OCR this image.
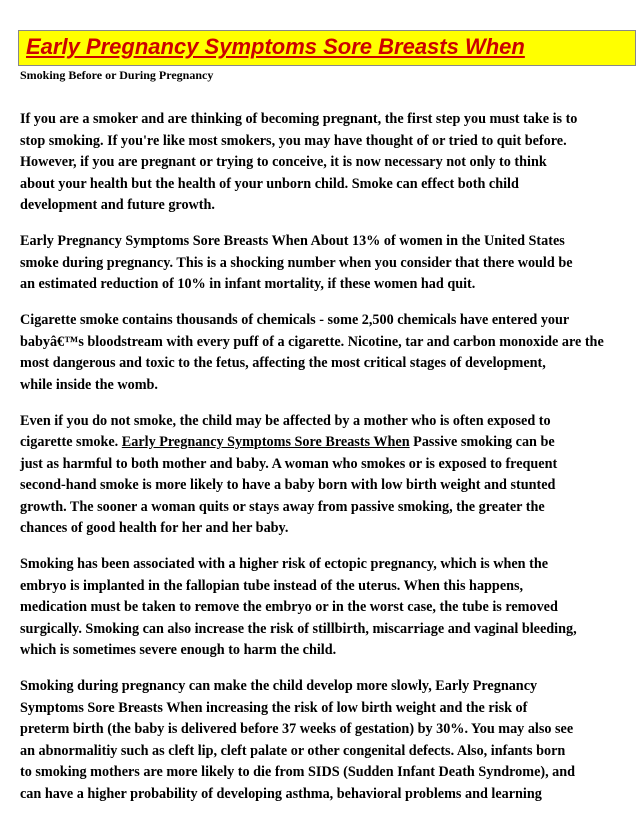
Early Pregnancy Symptoms Sore Breasts When
Smoking Before or During Pregnancy

If you are a smoker and are thinking of becoming pregnant, the first step you must take is to
stop smoking. If you're like most smokers, you may have thought of or tried to quit before.
However, if you are pregnant or trying to conceive, it is now necessary not only to think
about your health but the health of your unborn child. Smoke can effect both child
development and future growth.

Early Pregnancy Symptoms Sore Breasts When About 13% of women in the United States
smoke during pregnancy. This is a shocking number when you consider that there would be
an estimated reduction of 10% in infant mortality, if these women had quit.

Cigarette smoke contains thousands of chemicals - some 2,500 chemicals have entered your
babyâ€™s bloodstream with every puff of a cigarette. Nicotine, tar and carbon monoxide are the
most dangerous and toxic to the fetus, affecting the most critical stages of development,
while inside the womb.

Even if you do not smoke, the child may be affected by a mother who is often exposed to
cigarette smoke. Early Pregnancy Symptoms Sore Breasts When Passive smoking can be
just as harmful to both mother and baby. A woman who smokes or is exposed to frequent
second-hand smoke is more likely to have a baby born with low birth weight and stunted
growth. The sooner a woman quits or stays away from passive smoking, the greater the
chances of good health for her and her baby.

Smoking has been associated with a higher risk of ectopic pregnancy, which is when the
embryo is implanted in the fallopian tube instead of the uterus. When this happens,
medication must be taken to remove the embryo or in the worst case, the tube is removed
surgically. Smoking can also increase the risk of stillbirth, miscarriage and vaginal bleeding,
which is sometimes severe enough to harm the child.

Smoking during pregnancy can make the child develop more slowly, Early Pregnancy
Symptoms Sore Breasts When increasing the risk of low birth weight and the risk of
preterm birth (the baby is delivered before 37 weeks of gestation) by 30%. You may also see
an abnormalitiy such as cleft lip, cleft palate or other congenital defects. Also, infants born
to smoking mothers are more likely to die from SIDS (Sudden Infant Death Syndrome), and
can have a higher probability of developing asthma, behavioral problems and learning
